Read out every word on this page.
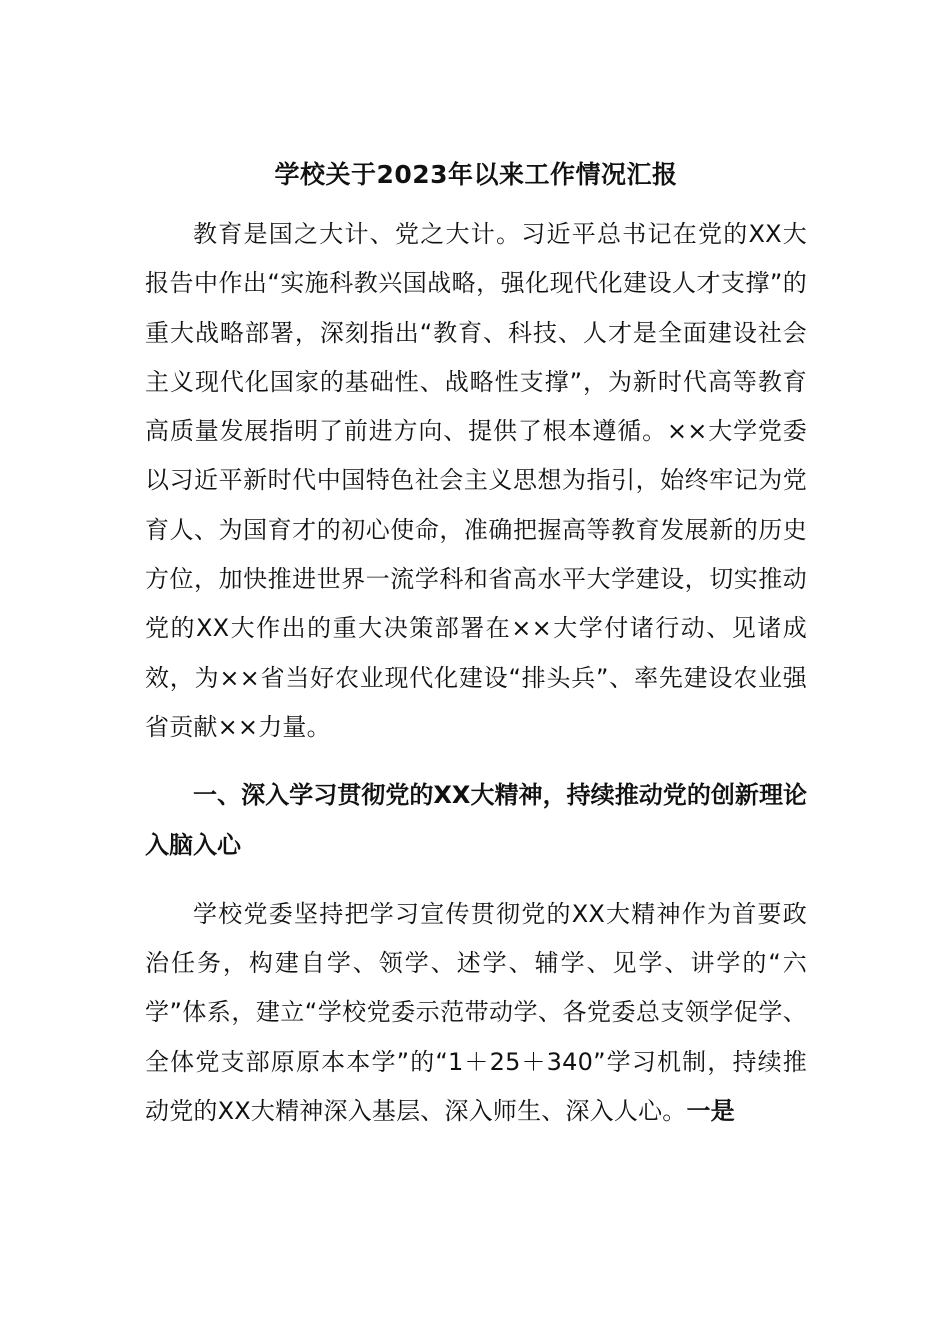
学校关于2023年以来工作情况汇报

教育是国之大计、党之大计。习近平总书记在党的XX大报告中作出“实施科教兴国战略，强化现代化建设人才支撑”的重大战略部署，深刻指出“教育、科技、人才是全面建设社会主义现代化国家的基础性、战略性支撑”，为新时代高等教育高质量发展指明了前进方向、提供了根本遵循。××大学党委以习近平新时代中国特色社会主义思想为指引，始终牢记为党育人、为国育才的初心使命，准确把握高等教育发展新的历史方位，加快推进世界一流学科和省高水平大学建设，切实推动党的XX大作出的重大决策部署在××大学付诸行动、见诸成效，为××省当好农业现代化建设“排头兵”、率先建设农业强省贡献××力量。

一、深入学习贯彻党的XX大精神，持续推动党的创新理论入脑入心

学校党委坚持把学习宣传贯彻党的XX大精神作为首要政治任务，构建自学、领学、述学、辅学、见学、讲学的“六学”体系，建立“学校党委示范带动学、各党委总支领学促学、全体党支部原原本本学”的“1＋25＋340”学习机制，持续推动党的XX大精神深入基层、深入师生、深入人心。一是
